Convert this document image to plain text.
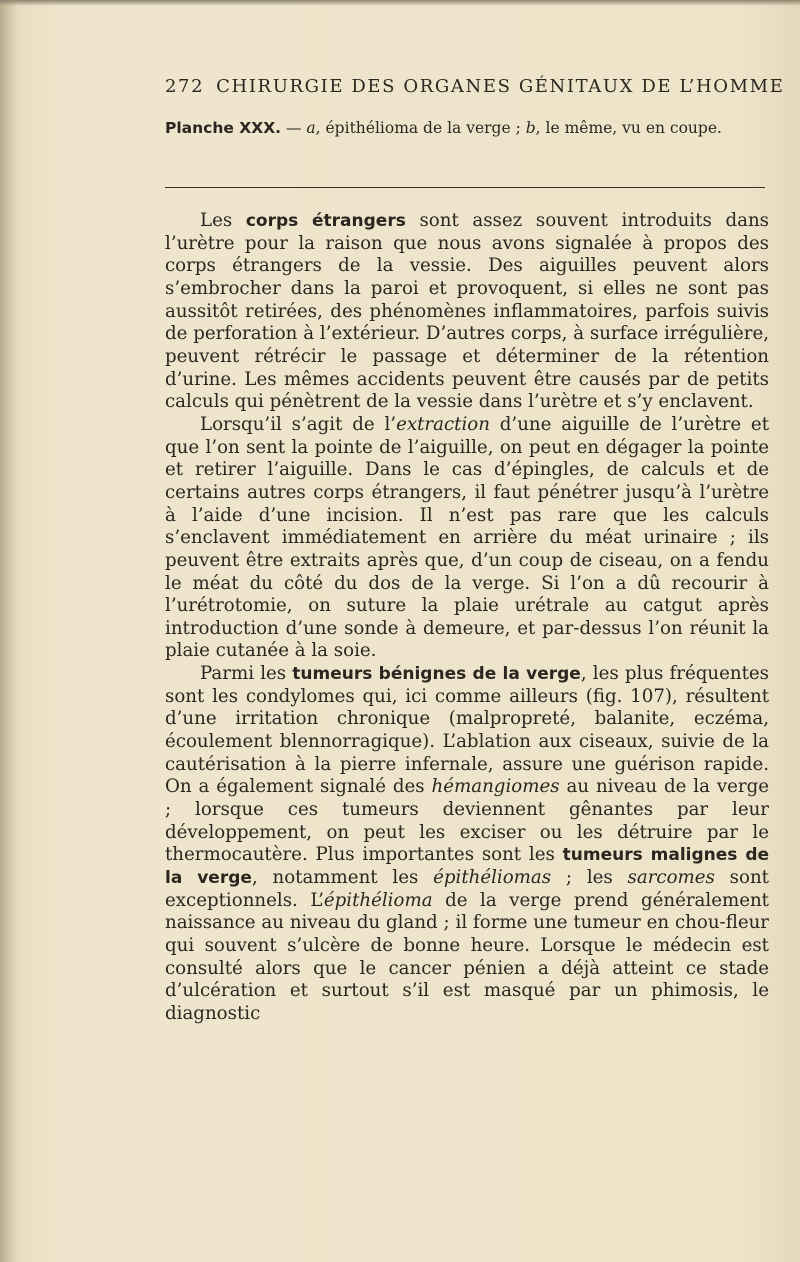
272 CHIRURGIE DES ORGANES GÉNITAUX DE L’HOMME

Planche XXX. — a, épithélioma de la verge ; b, le même, vu en coupe.

Les corps étrangers sont assez souvent introduits dans l’urètre pour la raison que nous avons signalée à propos des corps étrangers de la vessie. Des aiguilles peuvent alors s’embrocher dans la paroi et provoquent, si elles ne sont pas aussitôt retirées, des phénomènes inflammatoires, parfois suivis de perforation à l’extérieur. D’autres corps, à surface irrégulière, peuvent rétrécir le passage et déterminer de la rétention d’urine. Les mêmes accidents peuvent être causés par de petits calculs qui pénètrent de la vessie dans l’urètre et s’y enclavent.

Lorsqu’il s’agit de l’extraction d’une aiguille de l’urètre et que l’on sent la pointe de l’aiguille, on peut en dégager la pointe et retirer l’aiguille. Dans le cas d’épingles, de calculs et de certains autres corps étrangers, il faut pénétrer jusqu’à l’urètre à l’aide d’une incision. Il n’est pas rare que les calculs s’enclavent immédiatement en arrière du méat urinaire ; ils peuvent être extraits après que, d’un coup de ciseau, on a fendu le méat du côté du dos de la verge. Si l’on a dû recourir à l’urétrotomie, on suture la plaie urétrale au catgut après introduction d’une sonde à demeure, et par-dessus l’on réunit la plaie cutanée à la soie.

Parmi les tumeurs bénignes de la verge, les plus fréquentes sont les condylomes qui, ici comme ailleurs (fig. 107), résultent d’une irritation chronique (malpropreté, balanite, eczéma, écoulement blennorragique). L’ablation aux ciseaux, suivie de la cautérisation à la pierre infernale, assure une guérison rapide. On a également signalé des hémangiomes au niveau de la verge ; lorsque ces tumeurs deviennent gênantes par leur développement, on peut les exciser ou les détruire par le thermocautère. Plus importantes sont les tumeurs malignes de la verge, notamment les épithéliomas ; les sarcomes sont exceptionnels. L’épithélioma de la verge prend généralement naissance au niveau du gland ; il forme une tumeur en chou-fleur qui souvent s’ulcère de bonne heure. Lorsque le médecin est consulté alors que le cancer pénien a déjà atteint ce stade d’ulcération et surtout s’il est masqué par un phimosis, le diagnostic
